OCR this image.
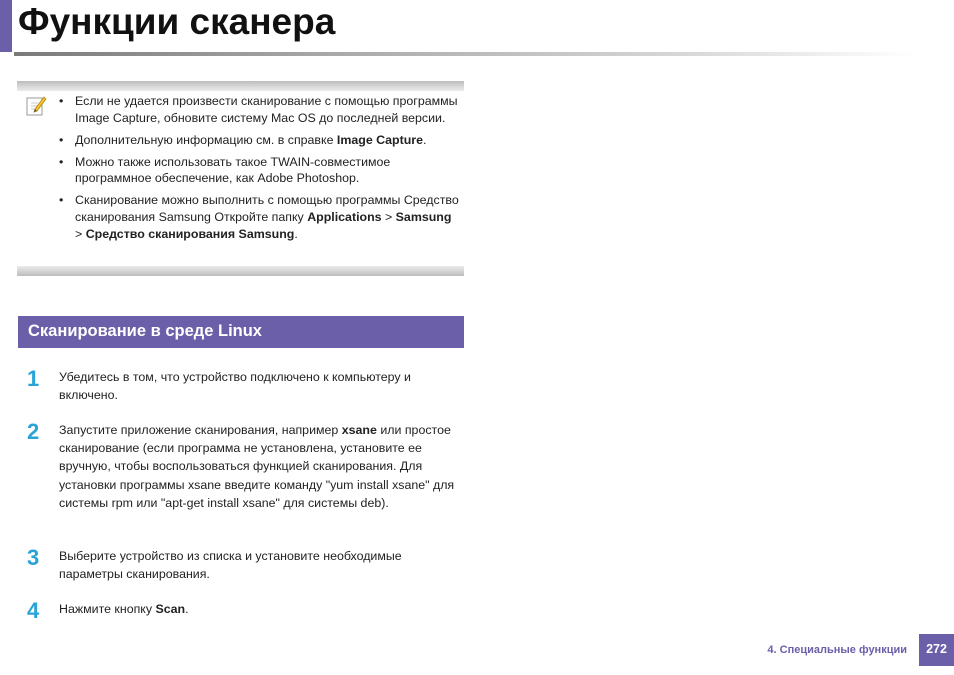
Функции сканера
• Если не удается произвести сканирование с помощью программы Image Capture, обновите систему Mac OS до последней версии.
• Дополнительную информацию см. в справке Image Capture.
• Можно также использовать такое TWAIN-совместимое программное обеспечение, как Adobe Photoshop.
• Сканирование можно выполнить с помощью программы Средство сканирования Samsung Откройте папку Applications > Samsung > Средство сканирования Samsung.
Сканирование в среде Linux
1	Убедитесь в том, что устройство подключено к компьютеру и включено.
2	Запустите приложение сканирования, например xsane или простое сканирование (если программа не установлена, установите ее вручную, чтобы воспользоваться функцией сканирования. Для установки программы xsane введите команду "yum install xsane" для системы rpm или "apt-get install xsane" для системы deb).
3	Выберите устройство из списка и установите необходимые параметры сканирования.
4	Нажмите кнопку Scan.
4. Специальные функции	272
